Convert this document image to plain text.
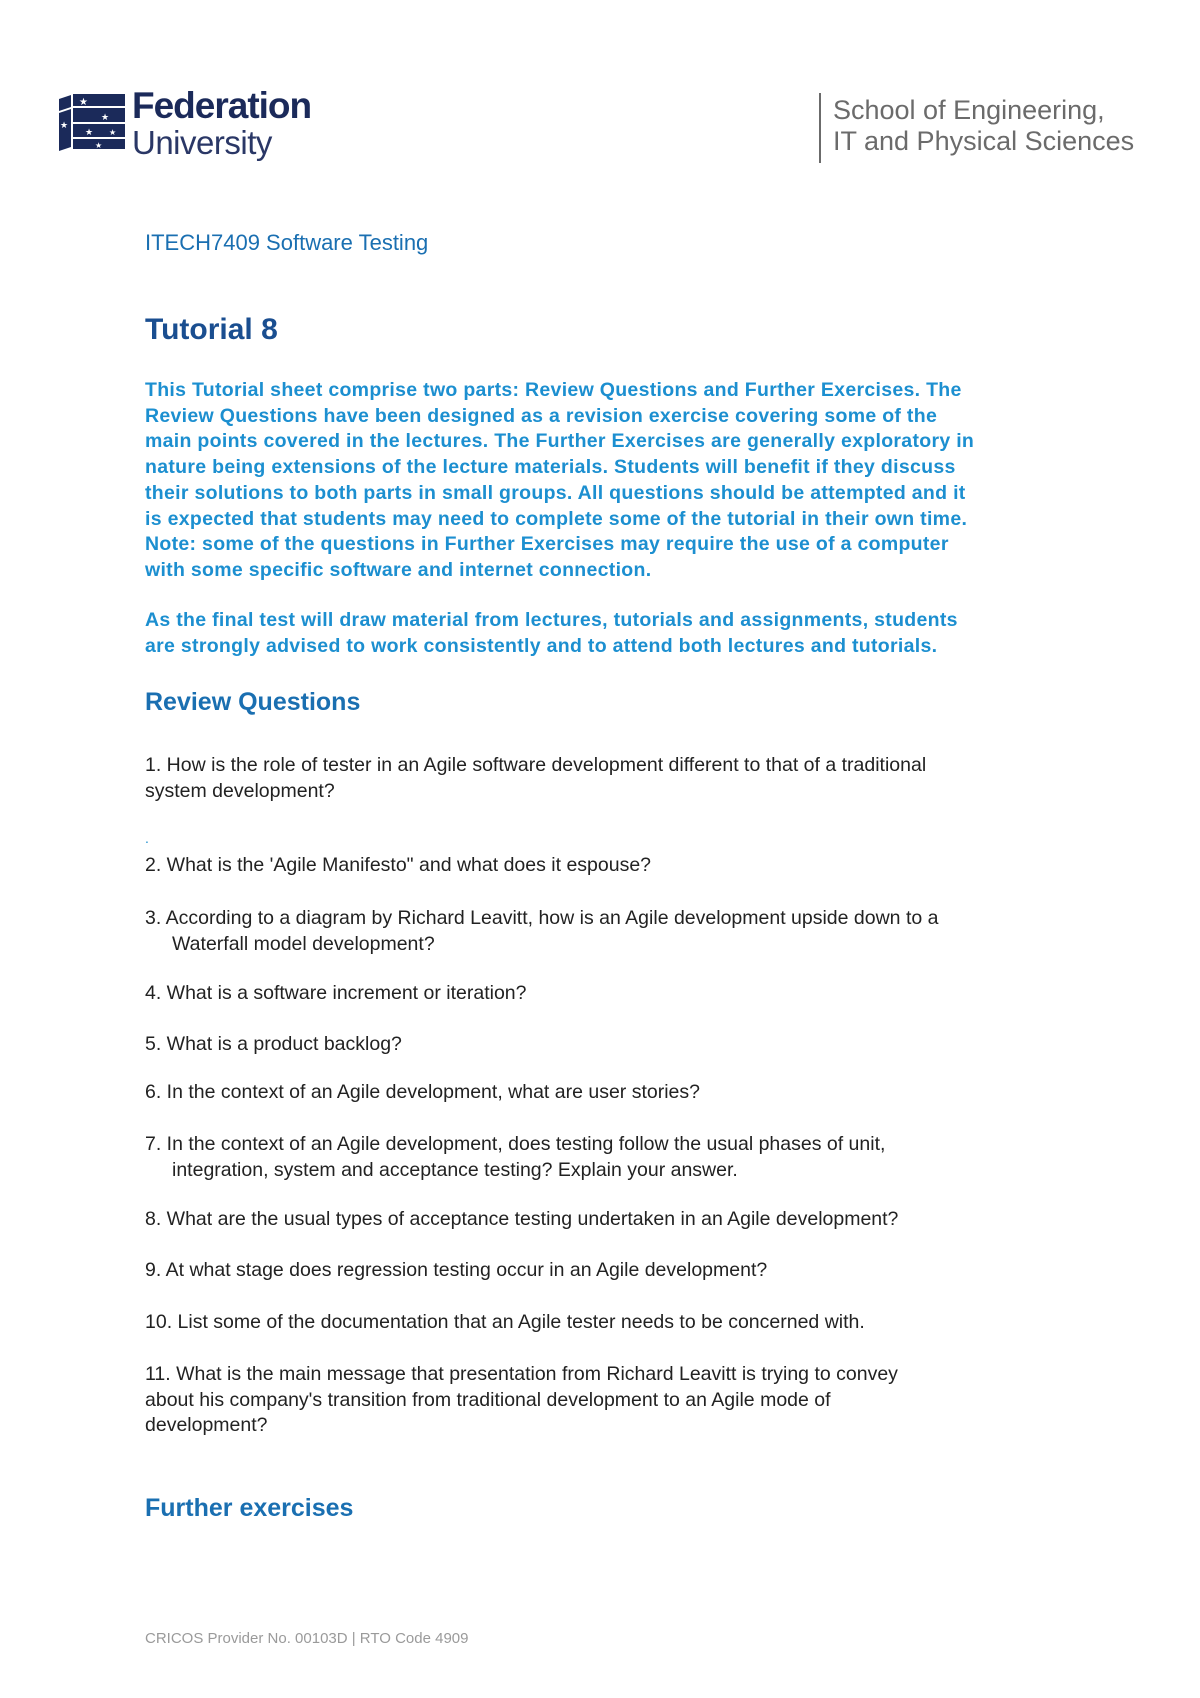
★
★
★ ★
★
★ Federation
University
School of Engineering,
IT and Physical Sciences
ITECH7409 Software Testing
Tutorial 8
This Tutorial sheet comprise two parts: Review Questions and Further Exercises. The
Review Questions have been designed as a revision exercise covering some of the
main points covered in the lectures. The Further Exercises are generally exploratory in
nature being extensions of the lecture materials. Students will benefit if they discuss
their solutions to both parts in small groups. All questions should be attempted and it
is expected that students may need to complete some of the tutorial in their own time.
Note: some of the questions in Further Exercises may require the use of a computer
with some specific software and internet connection.
As the final test will draw material from lectures, tutorials and assignments, students
are strongly advised to work consistently and to attend both lectures and tutorials.
Review Questions
1. How is the role of tester in an Agile software development different to that of a traditional
system development?
.
2. What is the 'Agile Manifesto" and what does it espouse?
3. According to a diagram by Richard Leavitt, how is an Agile development upside down to a
Waterfall model development?
4. What is a software increment or iteration?
5. What is a product backlog?
6. In the context of an Agile development, what are user stories?
7. In the context of an Agile development, does testing follow the usual phases of unit,
integration, system and acceptance testing? Explain your answer.
8. What are the usual types of acceptance testing undertaken in an Agile development?
9. At what stage does regression testing occur in an Agile development?
10. List some of the documentation that an Agile tester needs to be concerned with.
11. What is the main message that presentation from Richard Leavitt is trying to convey
about his company's transition from traditional development to an Agile mode of
development?
Further exercises
CRICOS Provider No. 00103D | RTO Code 4909
